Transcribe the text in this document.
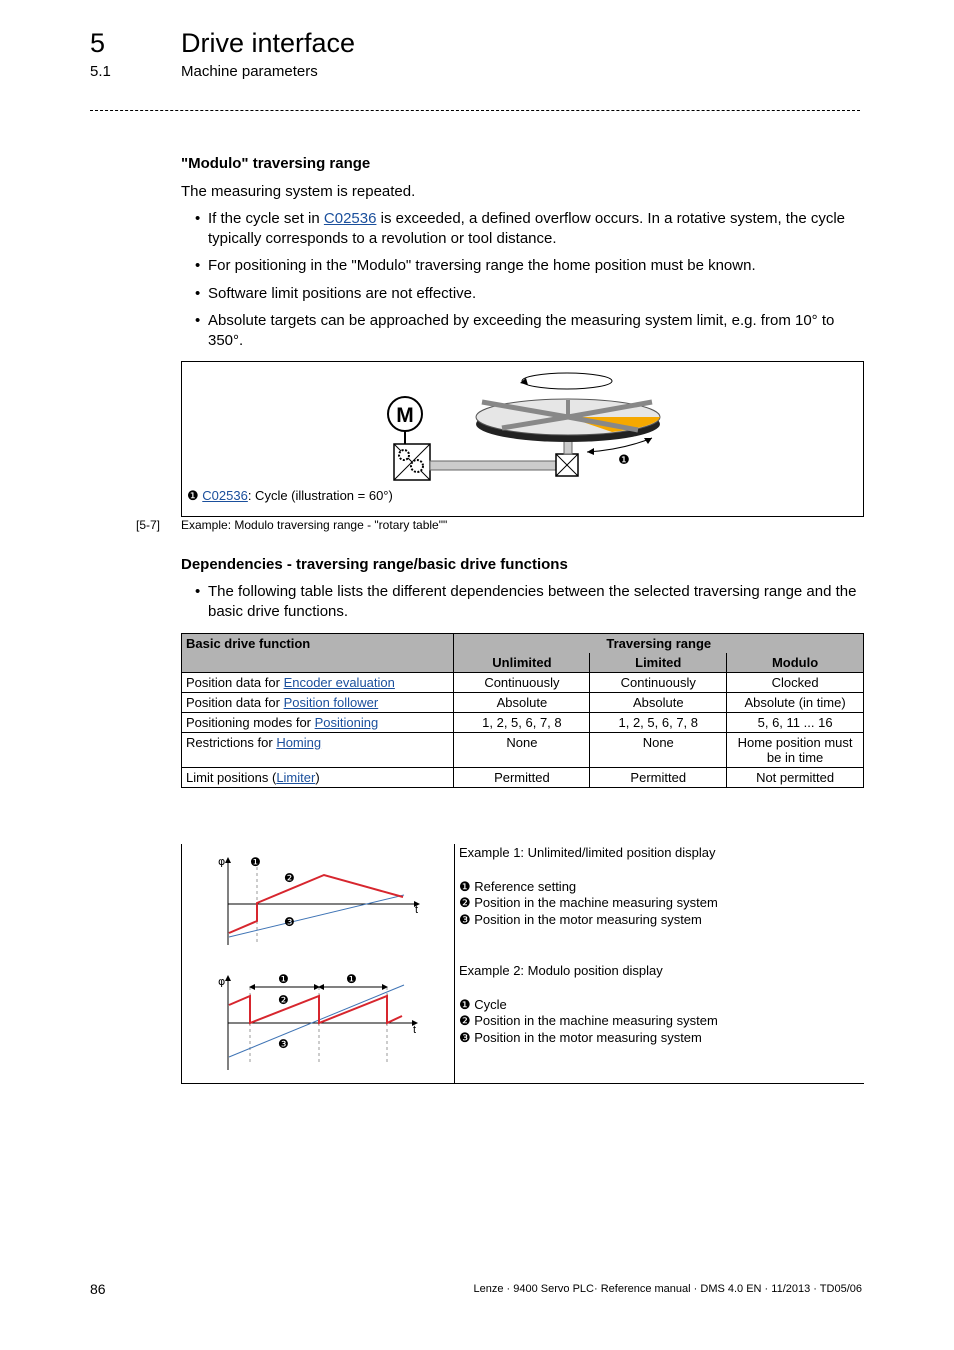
5	Drive interface
5.1	Machine parameters
"Modulo" traversing range
The measuring system is repeated.
• If the cycle set in C02536 is exceeded, a defined overflow occurs. In a rotative system, the cycle typically corresponds to a revolution or tool distance.
• For positioning in the "Modulo" traversing range the home position must be known.
• Software limit positions are not effective.
• Absolute targets can be approached by exceeding the measuring system limit, e.g. from 10° to 350°.
M
❶
❶ C02536: Cycle (illustration = 60°)
[5-7] Example: Modulo traversing range - "rotary table""
Dependencies - traversing range/basic drive functions
• The following table lists the different dependencies between the selected traversing range and the basic drive functions.
Basic drive function	Traversing range		
	Unlimited	Limited	Modulo
Position data for Encoder evaluation	Continuously	Continuously	Clocked
Position data for Position follower	Absolute	Absolute	Absolute (in time)
Positioning modes for Positioning	1, 2, 5, 6, 7, 8	1, 2, 5, 6, 7, 8	5, 6, 11 ... 16
Restrictions for Homing	None	None	Home position must be in time
Limit positions (Limiter)	Permitted	Permitted	Not permitted
φ
t
❶
❷
❸
φ
t
❶	❶
❷
❸
Example 1: Unlimited/limited position display
❶ Reference setting
❷ Position in the machine measuring system
❸ Position in the motor measuring system
Example 2: Modulo position display
❶ Cycle
❷ Position in the machine measuring system
❸ Position in the motor measuring system
86	Lenze · 9400 Servo PLC· Reference manual · DMS 4.0 EN · 11/2013 · TD05/06
